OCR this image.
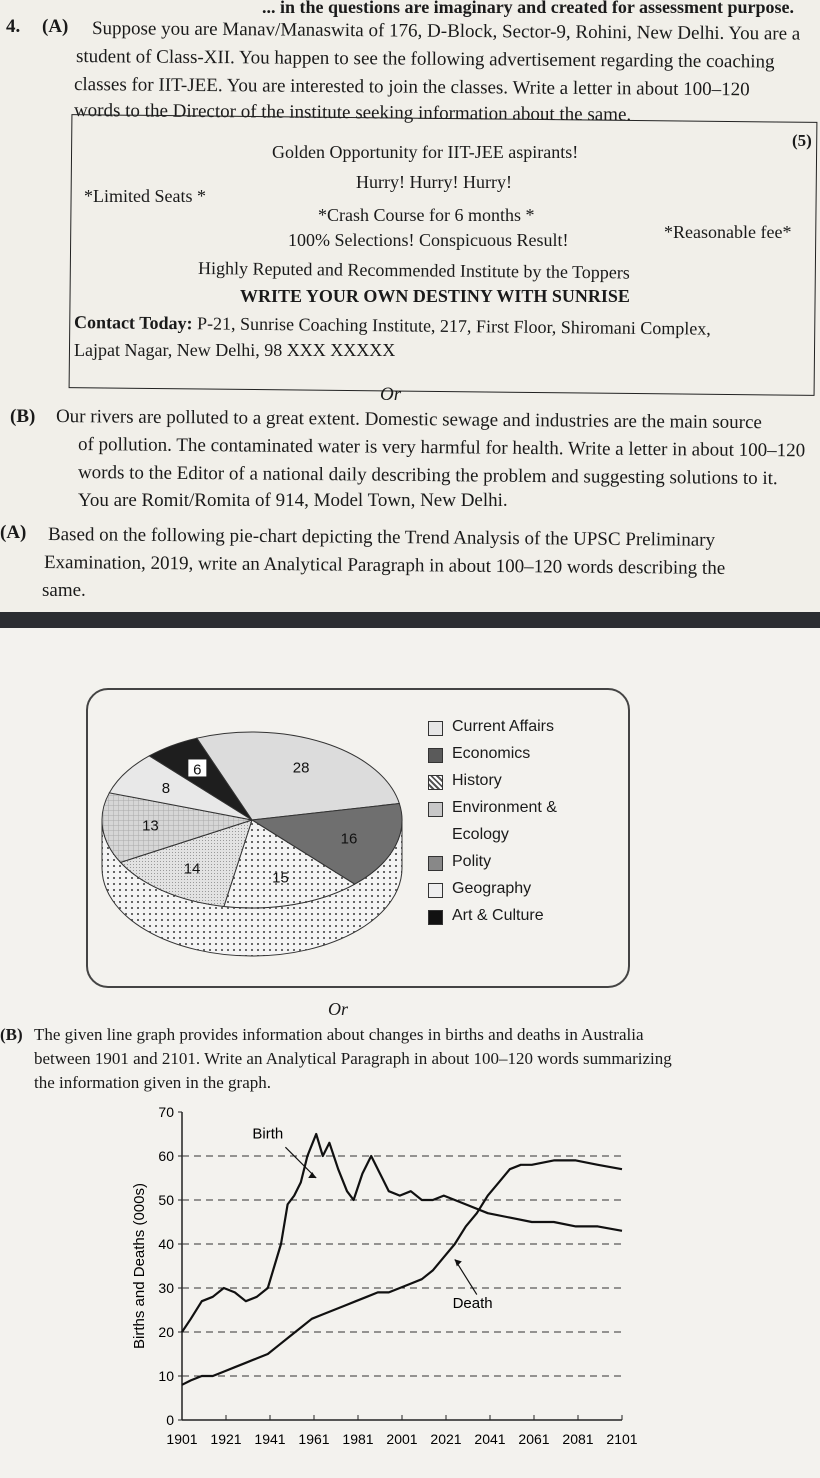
... in the questions are imaginary and created for assessment purpose.
4. (A) Suppose you are Manav/Manaswita of 176, D-Block, Sector-9, Rohini, New Delhi. You are a
student of Class-XII. You happen to see the following advertisement regarding the coaching
classes for IIT-JEE. You are interested to join the classes. Write a letter in about 100–120
words to the Director of the institute seeking information about the same.
(5)
Golden Opportunity for IIT-JEE aspirants!
Hurry! Hurry! Hurry!
*Limited Seats *
*Crash Course for 6 months *
*Reasonable fee*
100% Selections! Conspicuous Result!
Highly Reputed and Recommended Institute by the Toppers
WRITE YOUR OWN DESTINY WITH SUNRISE
Contact Today: P-21, Sunrise Coaching Institute, 217, First Floor, Shiromani Complex,
Lajpat Nagar, New Delhi, 98 XXX XXXXX
Or
(B) Our rivers are polluted to a great extent. Domestic sewage and industries are the main source
of pollution. The contaminated water is very harmful for health. Write a letter in about 100–120
words to the Editor of a national daily describing the problem and suggesting solutions to it.
You are Romit/Romita of 914, Model Town, New Delhi.
(A) Based on the following pie-chart depicting the Trend Analysis of the UPSC Preliminary
Examination, 2019, write an Analytical Paragraph in about 100–120 words describing the
same.
28
16
15
14
13
8
6
Current Affairs
Economics
History
Environment &
Ecology
Polity
Geography
Art & Culture
Or
(B) The given line graph provides information about changes in births and deaths in Australia
between 1901 and 2101. Write an Analytical Paragraph in about 100–120 words summarizing
the information given in the graph.
70
60
50
40
30
20
10
0
1901 1921 1941 1961 1981 2001 2021 2041 2061 2081 2101
Births and Deaths (000s)
Birth
Death
